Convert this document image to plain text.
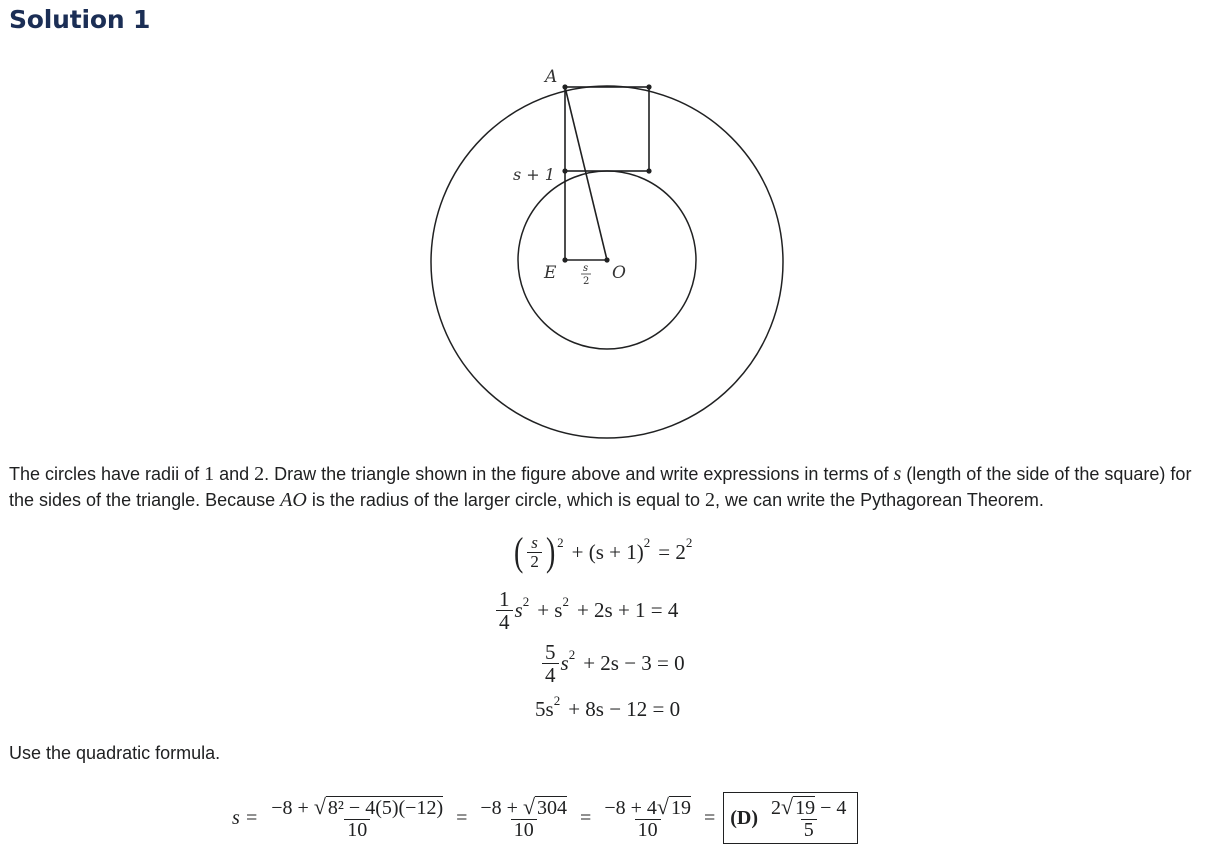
Solution 1
A
s + 1
E	O
s
2

The circles have radii of 1 and 2. Draw the triangle shown in the figure above and write expressions in terms of s (length of the side of the square) for the sides of the triangle. Because AO is the radius of the larger circle, which is equal to 2, we can write the Pythagorean Theorem.

( $\frac{s}{2}$ ) 2 + (s + 1) 2 = 2 2
$\frac{1}{4}$ s 2 + s 2 + 2s + 1 = 4
$\frac{5}{4}$ s 2 + 2s − 3 = 0
5s 2 + 8s − 12 = 0

Use the quadratic formula.

$s = \frac{\text{−8 + √ 8² − 4(5)(−12)}}{10} = \frac{-8 + √ 304}{10} = \frac{-8 + 4√ 19}{10} = (D) \frac{2√ 19 - 4}{5}$
